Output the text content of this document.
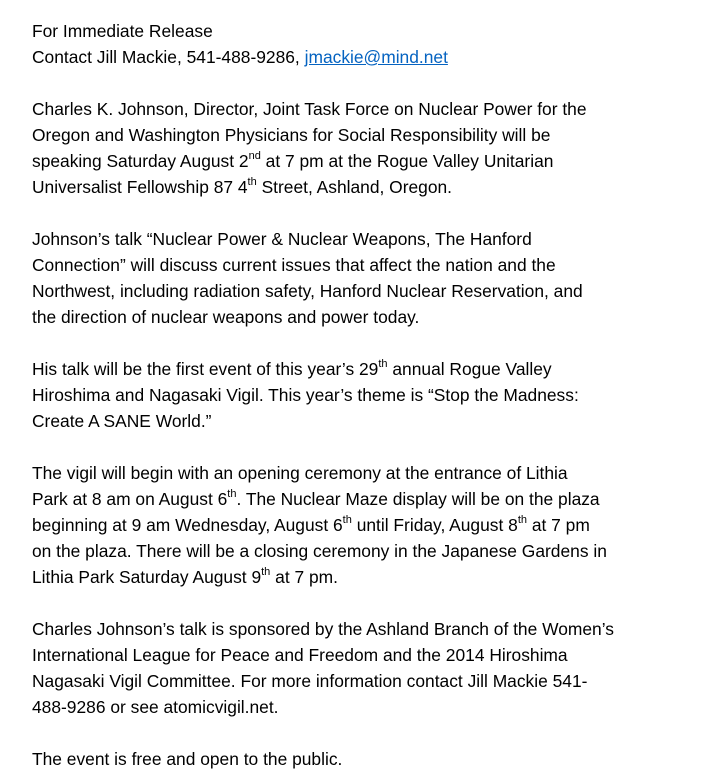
For Immediate Release
Contact Jill Mackie, 541-488-9286, jmackie@mind.net
Charles K. Johnson, Director, Joint Task Force on Nuclear Power for the
Oregon and Washington Physicians for Social Responsibility will be
speaking Saturday August 2nd at 7 pm at the Rogue Valley Unitarian
Universalist Fellowship 87 4th Street, Ashland, Oregon.
Johnson’s talk “Nuclear Power & Nuclear Weapons, The Hanford
Connection” will discuss current issues that affect the nation and the
Northwest, including radiation safety, Hanford Nuclear Reservation, and
the direction of nuclear weapons and power today.
His talk will be the first event of this year’s 29th annual Rogue Valley
Hiroshima and Nagasaki Vigil. This year’s theme is “Stop the Madness:
Create A SANE World.”
The vigil will begin with an opening ceremony at the entrance of Lithia
Park at 8 am on August 6th. The Nuclear Maze display will be on the plaza
beginning at 9 am Wednesday, August 6th until Friday, August 8th at 7 pm
on the plaza. There will be a closing ceremony in the Japanese Gardens in
Lithia Park Saturday August 9th at 7 pm.
Charles Johnson’s talk is sponsored by the Ashland Branch of the Women’s
International League for Peace and Freedom and the 2014 Hiroshima
Nagasaki Vigil Committee. For more information contact Jill Mackie 541-
488-9286 or see atomicvigil.net.
The event is free and open to the public.
